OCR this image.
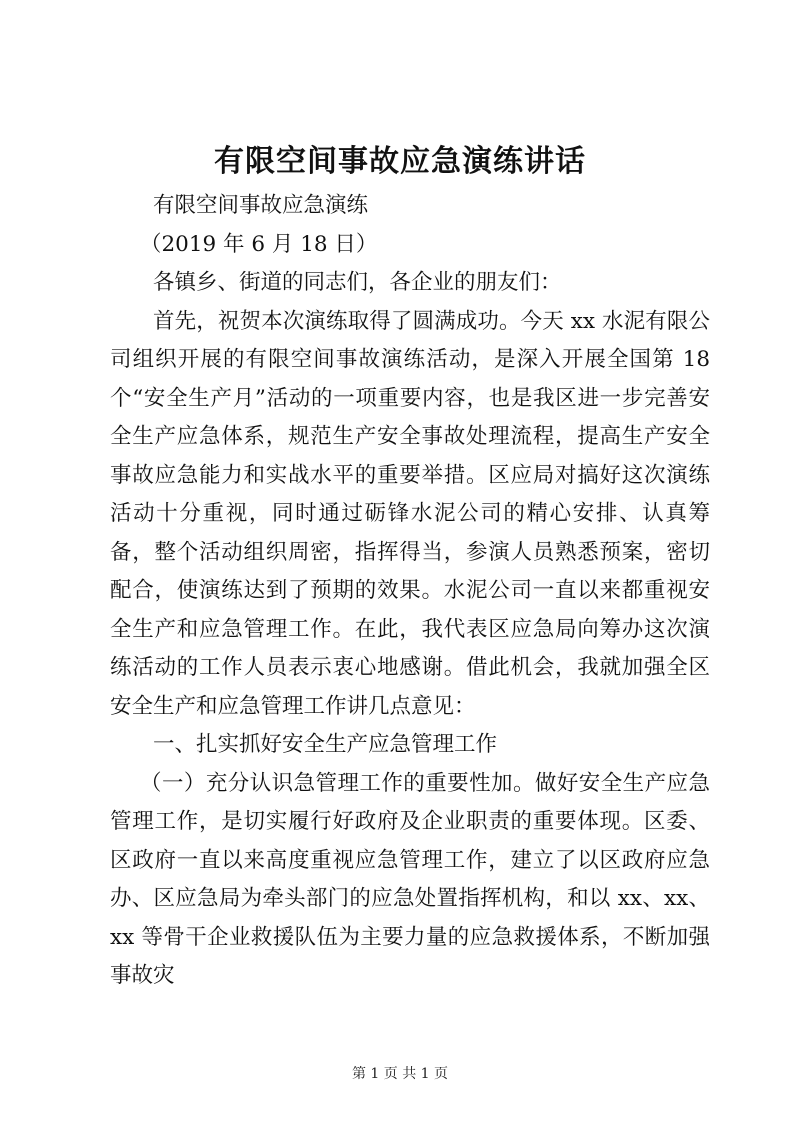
有限空间事故应急演练讲话

有限空间事故应急演练

（2019 年 6 月 18 日）

各镇乡、街道的同志们，各企业的朋友们：

首先，祝贺本次演练取得了圆满成功。今天 xx 水泥有限公司组织开展的有限空间事故演练活动，是深入开展全国第 18 个“安全生产月”活动的一项重要内容，也是我区进一步完善安全生产应急体系，规范生产安全事故处理流程，提高生产安全事故应急能力和实战水平的重要举措。区应局对搞好这次演练活动十分重视，同时通过砺锋水泥公司的精心安排、认真筹备，整个活动组织周密，指挥得当，参演人员熟悉预案，密切配合，使演练达到了预期的效果。水泥公司一直以来都重视安全生产和应急管理工作。在此，我代表区应急局向筹办这次演练活动的工作人员表示衷心地感谢。借此机会，我就加强全区安全生产和应急管理工作讲几点意见：

一、扎实抓好安全生产应急管理工作

（一）充分认识急管理工作的重要性加。做好安全生产应急管理工作，是切实履行好政府及企业职责的重要体现。区委、区政府一直以来高度重视应急管理工作，建立了以区政府应急办、区应急局为牵头部门的应急处置指挥机构，和以 xx、xx、xx 等骨干企业救援队伍为主要力量的应急救援体系，不断加强事故灾

第 1 页 共 1 页
